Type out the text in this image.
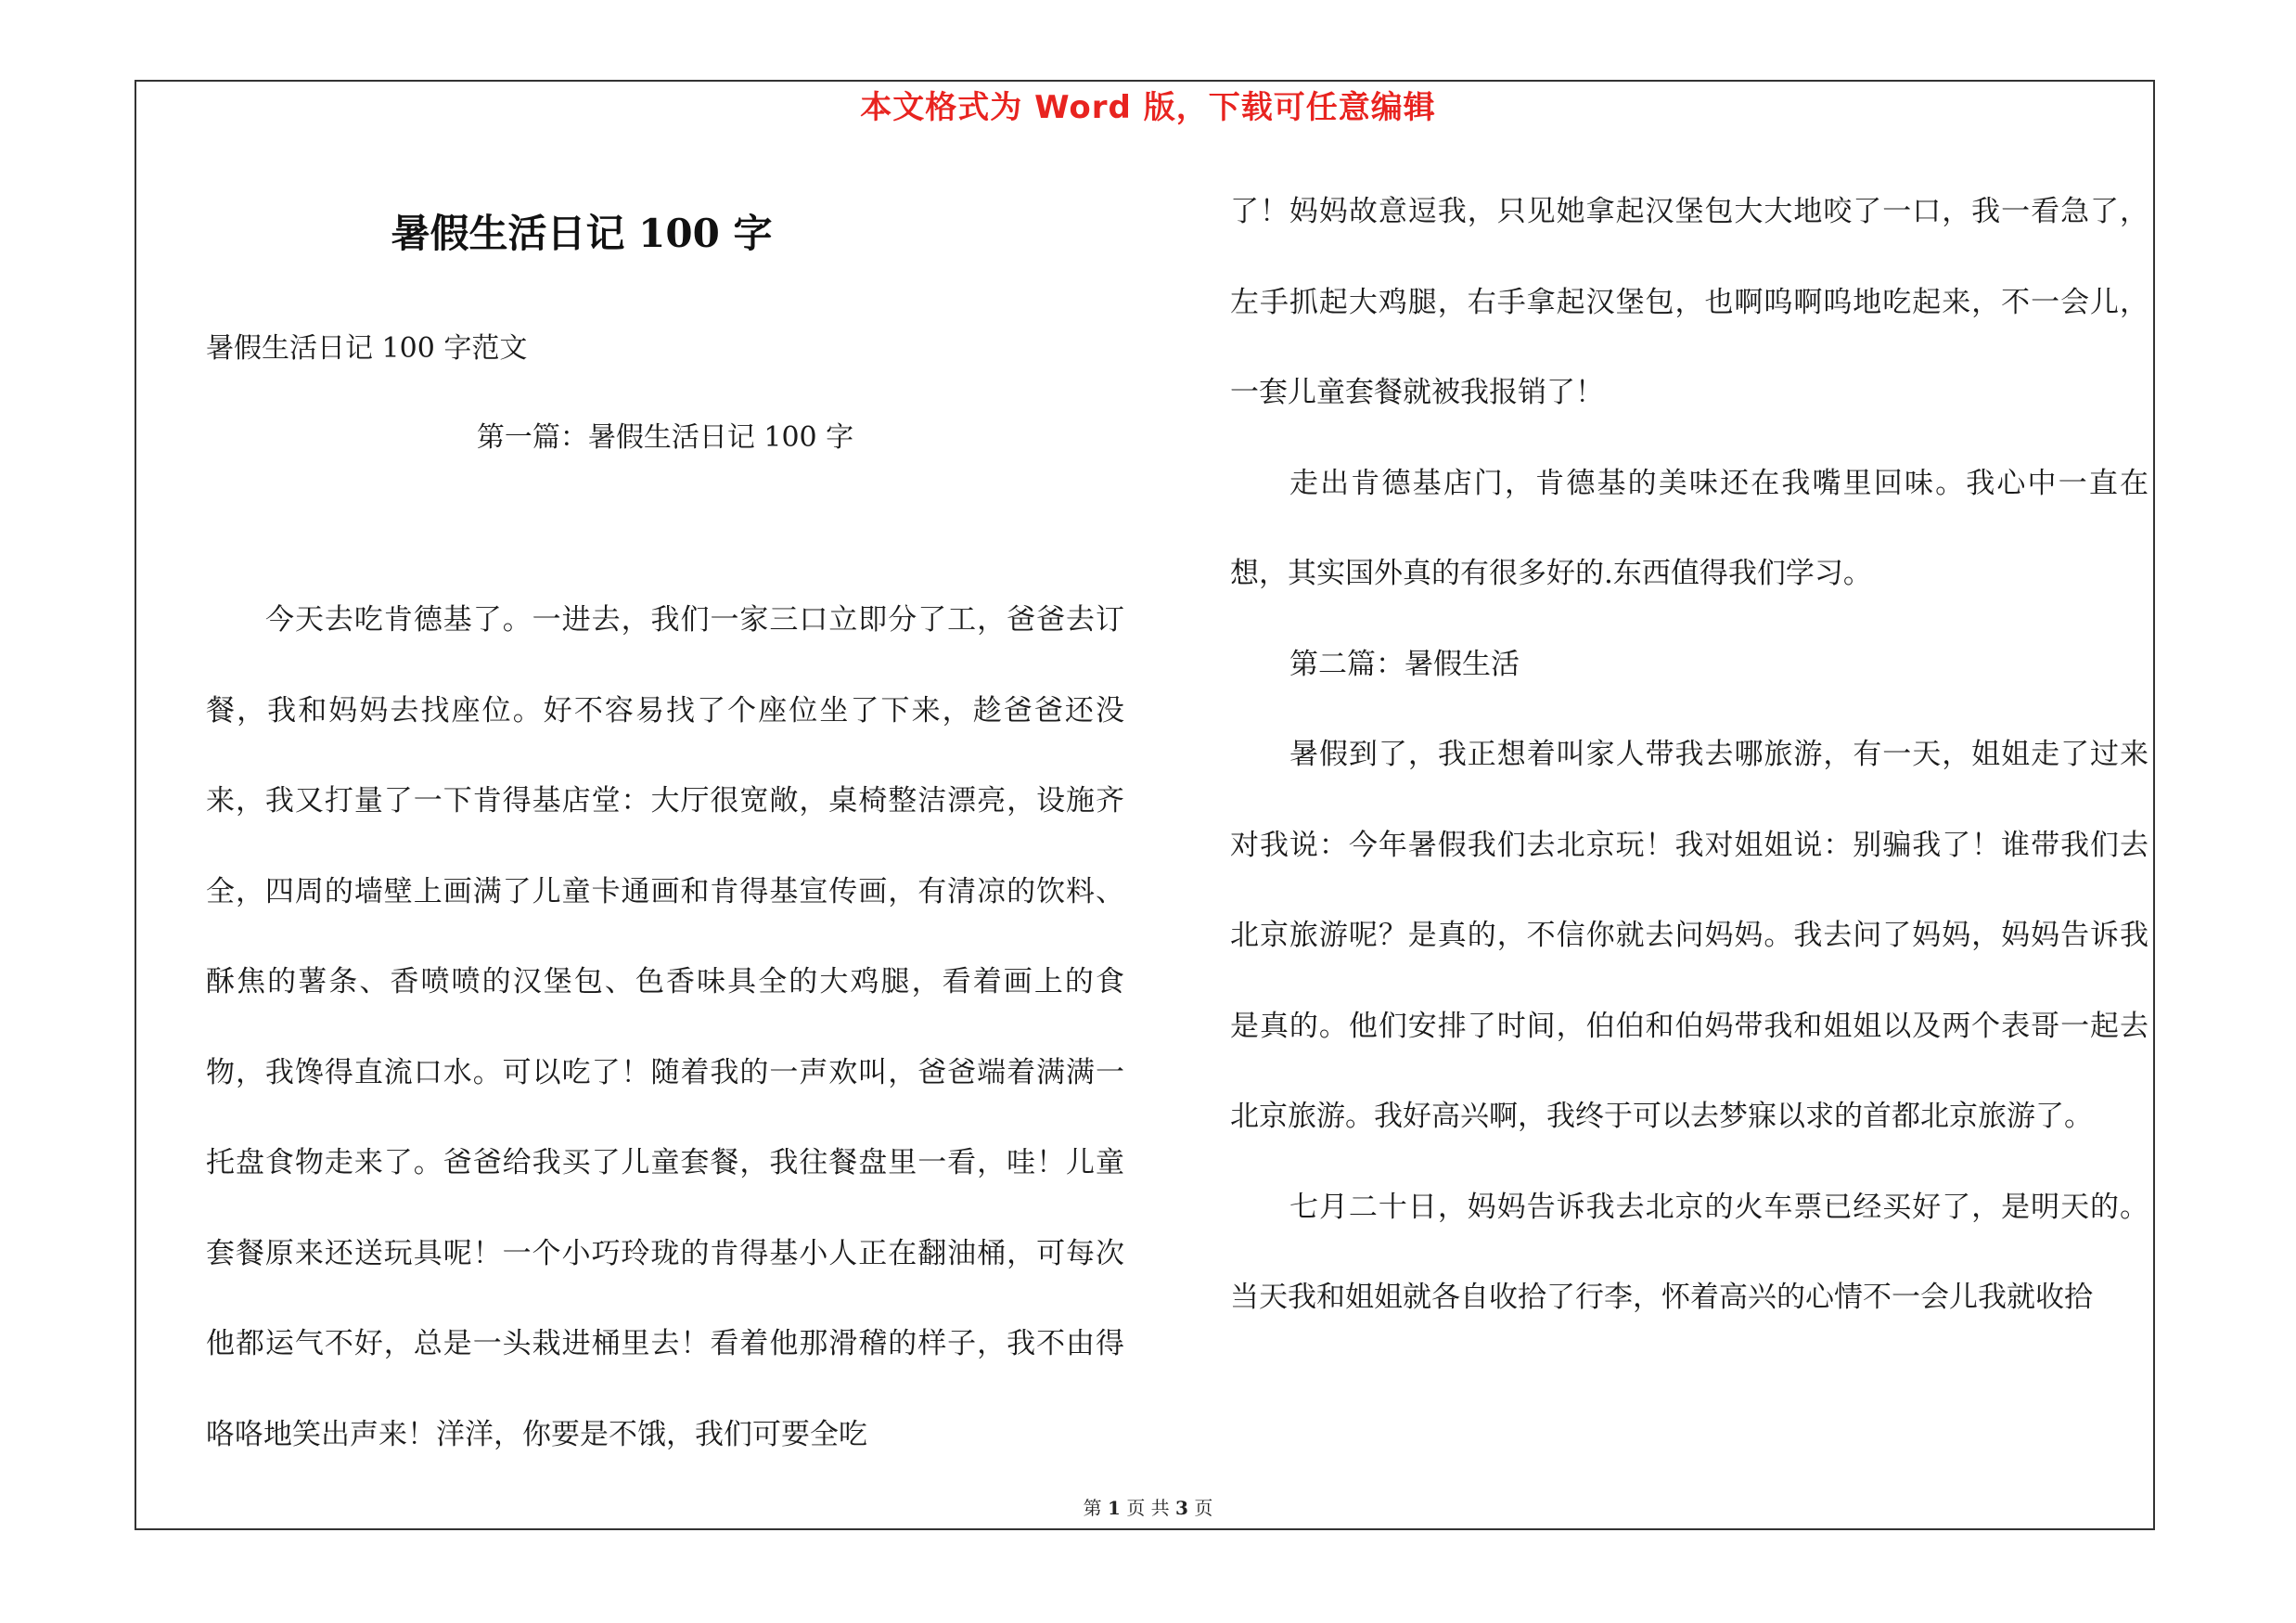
本文格式为 Word 版，下载可任意编辑
暑假生活日记 100 字

暑假生活日记 100 字范文

第一篇：暑假生活日记 100 字

今天去吃肯德基了。一进去，我们一家三口立即分了工，爸爸去订餐，我和妈妈去找座位。好不容易找了个座位坐了下来，趁爸爸还没来，我又打量了一下肯得基店堂：大厅很宽敞，桌椅整洁漂亮，设施齐全，四周的墙壁上画满了儿童卡通画和肯得基宣传画，有清凉的饮料、酥焦的薯条、香喷喷的汉堡包、色香味具全的大鸡腿，看着画上的食物，我馋得直流口水。可以吃了！随着我的一声欢叫，爸爸端着满满一托盘食物走来了。爸爸给我买了儿童套餐，我往餐盘里一看，哇！儿童套餐原来还送玩具呢！一个小巧玲珑的肯得基小人正在翻油桶，可每次他都运气不好，总是一头栽进桶里去！看着他那滑稽的样子，我不由得咯咯地笑出声来！洋洋，你要是不饿，我们可要全吃

了！妈妈故意逗我，只见她拿起汉堡包大大地咬了一口，我一看急了，左手抓起大鸡腿，右手拿起汉堡包，也啊呜啊呜地吃起来，不一会儿，一套儿童套餐就被我报销了！

走出肯德基店门，肯德基的美味还在我嘴里回味。我心中一直在想，其实国外真的有很多好的.东西值得我们学习。

第二篇：暑假生活

暑假到了，我正想着叫家人带我去哪旅游，有一天，姐姐走了过来对我说：今年暑假我们去北京玩！我对姐姐说：别骗我了！谁带我们去北京旅游呢？是真的，不信你就去问妈妈。我去问了妈妈，妈妈告诉我是真的。他们安排了时间，伯伯和伯妈带我和姐姐以及两个表哥一起去北京旅游。我好高兴啊，我终于可以去梦寐以求的首都北京旅游了。

七月二十日，妈妈告诉我去北京的火车票已经买好了，是明天的。当天我和姐姐就各自收拾了行李，怀着高兴的心情不一会儿我就收拾

第 1 页 共 3 页
